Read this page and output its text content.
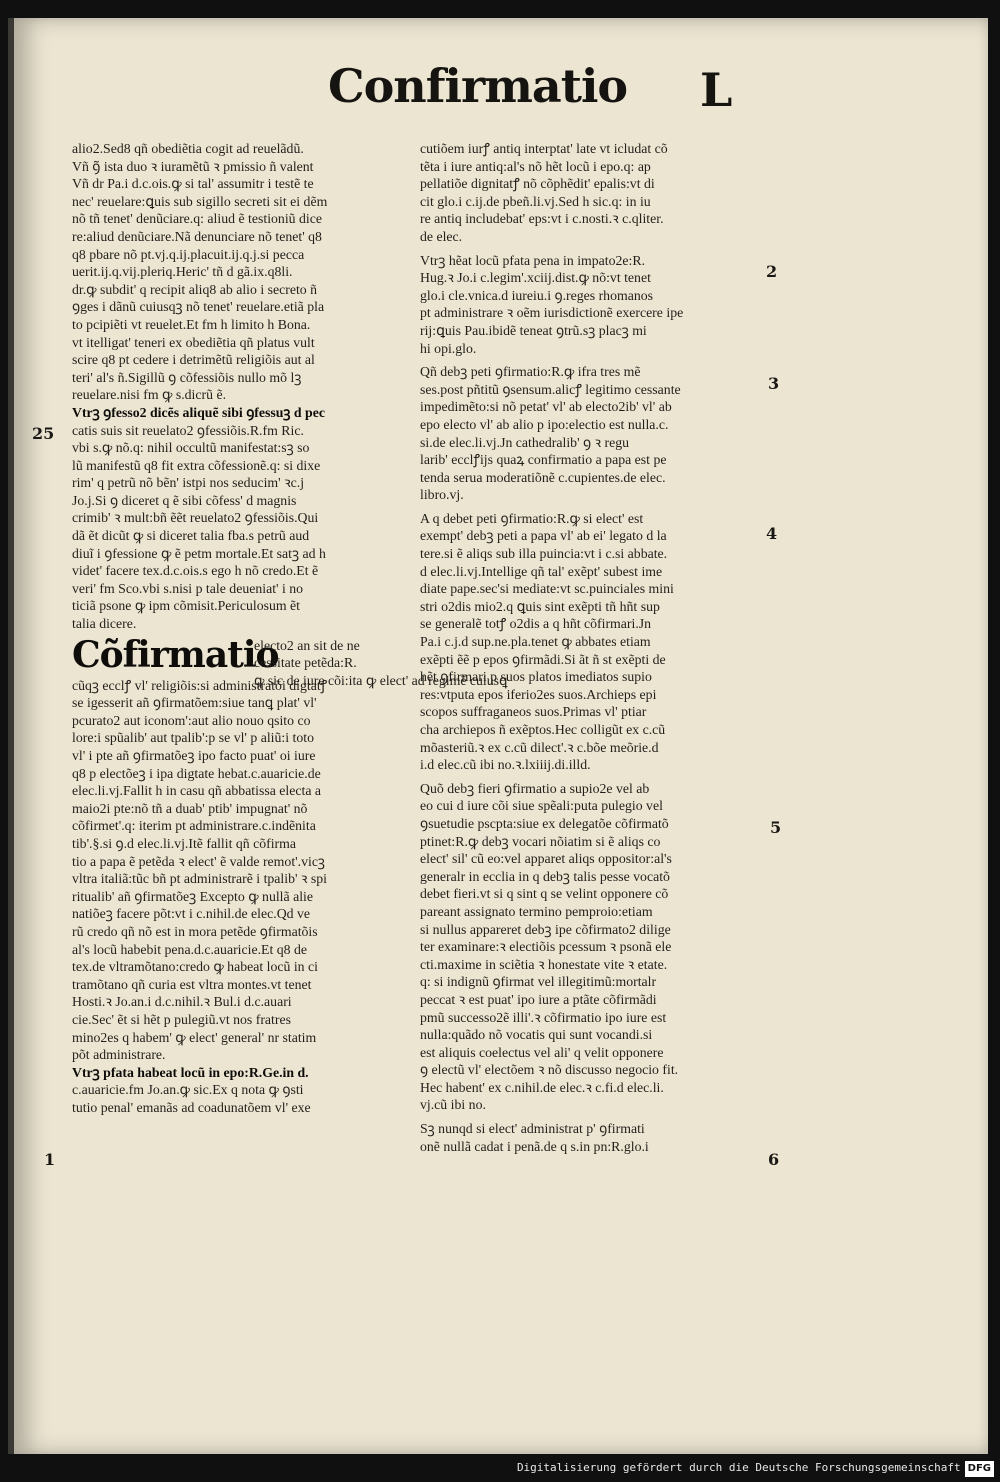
Confirmatio L

alio2.Sed8 qñ obediẽtia cogit ad reuelãdũ.

Vñ ꝯ̃ ista duo ꝛ iuramẽtũ ꝛ pmissio ñ valent

Vñ dr Pa.i d.c.ois.ꝙ si tal' assumitr i testẽ te

nec' reuelare:ꝗuis sub sigillo secreti sit ei dẽm

nõ tñ tenet' denũciare.q: aliud ẽ testioniũ dice

re:aliud denũciare.Nã denunciare nõ tenet' q8

q8 pbare nõ pt.vj.q.ij.placuit.ij.q.j.si pecca

uerit.ij.q.vij.pleriq.Heric' tñ d gã.ix.q8li.

dr.ꝙ subdit' q recipit aliq8 ab alio i secreto ñ

ꝯges i dãnũ cuiusqꝫ nõ tenet' reuelare.etiã pla

to pcipiẽti vt reuelet.Et fm h limito h Bona.

vt itelligat' teneri ex obediẽtia qñ platus vult

scire q8 pt cedere i detrimẽtũ religiõis aut al

teri' al's ñ.Sigillũ ꝯ cõfessiõis nullo mõ lꝫ

reuelare.nisi fm ꝙ s.dicrũ ẽ.

Vtrꝫ ꝯfesso2 dicẽs aliquẽ sibi ꝯfessuꝫ d pec

catis suis sit reuelato2 ꝯfessiõis.R.fm Ric.

vbi s.ꝙ nõ.q: nihil occultũ manifestat:sꝫ so

lũ manifestũ q8 fit extra cõfessionẽ.q: si dixe

rim' q petrũ nõ bẽn' istpi nos seducim' ꝛc.j

Jo.j.Si ꝯ diceret q ẽ sibi cõfess' d magnis

crimib' ꝛ mult:bñ ẽẽt reuelato2 ꝯfessiõis.Qui

dã ẽt dicũt ꝙ si diceret talia fba.s petrũ aud

diuĩ i ꝯfessione ꝙ ẽ petm mortale.Et satꝫ ad h

videt' facere tex.d.c.ois.s ego h nõ credo.Et ẽ

veri' fm Sco.vbi s.nisi p tale deueniat' i no

ticiã psone ꝙ ipm cõmisit.Periculosum ẽt

talia dicere.

Cõfirmatio

electo2 an sit de ne

cessitate petẽda:R.

ꝙ sic de iure cõi:ita ꝙ elect' ad regimẽ cuiusꝗ

cũqꝫ ecclꝭ vl' religiõis:si administratõi digtatꝭ

se igesserit añ ꝯfirmatõem:siue tanꝗ plat' vl'

pcurato2 aut iconom':aut alio nouo qsito co

lore:i spũalib' aut tpalib':p se vl' p aliũ:i toto

vl' i pte añ ꝯfirmatõeꝫ ipo facto puat' oi iure

q8 p electõeꝫ i ipa digtate hebat.c.auaricie.de

elec.li.vj.Fallit h in casu qñ abbatissa electa a

maio2i pte:nõ tñ a duab' ptib' impugnat' nõ

cõfirmet'.q: iterim pt administrare.c.indẽnita

tib'.§.si ꝯ.d elec.li.vj.Itẽ fallit qñ cõfirma

tio a papa ẽ petẽda ꝛ elect' ẽ valde remot'.vicꝫ

vltra italiã:tũc bñ pt administrarẽ i tpalib' ꝛ spi

ritualib' añ ꝯfirmatõeꝫ Excepto ꝙ nullã alie

natiõeꝫ facere põt:vt i c.nihil.de elec.Qd ve

rũ credo qñ nõ est in mora petẽde ꝯfirmatõis

al's locũ habebit pena.d.c.auaricie.Et q8 de

tex.de vltramõtano:credo ꝙ habeat locũ in ci

tramõtano qñ curia est vltra montes.vt tenet

Hosti.ꝛ Jo.an.i d.c.nihil.ꝛ Bul.i d.c.auari

cie.Sec' ẽt si hẽt p pulegiũ.vt nos fratres

mino2es q habem' ꝙ elect' general' nr statim

põt administrare.

Vtrꝫ pfata habeat locũ in epo:R.Ge.in d.

c.auaricie.fm Jo.an.ꝙ sic.Ex q nota ꝙ ꝯsti

tutio penal' emanãs ad coadunatõem vl' exe

cutiõem iurꝭ antiq interptat' late vt icludat cõ

tẽta i iure antiq:al's nõ hẽt locũ i epo.q: ap

pellatiõe dignitatꝭ nõ cõphẽdit' epalis:vt di

cit glo.i c.ij.de pbeñ.li.vj.Sed h sic.q: in iu

re antiq includebat' eps:vt i c.nosti.ꝛ c.qliter.

de elec.

Vtrꝫ hẽat locũ pfata pena in impato2e:R.

Hug.ꝛ Jo.i c.legim'.xciij.dist.ꝙ nõ:vt tenet

glo.i cle.vnica.d iureiu.i ꝯ.reges rhomanos

pt administrare ꝛ oẽm iurisdictionẽ exercere ipe

rij:ꝗuis Pau.ibidẽ teneat ꝯtrũ.sꝫ placꝫ mi

hi opi.glo.

Qñ debꝫ peti ꝯfirmatio:R.ꝙ ifra tres mẽ

ses.post pñtitũ ꝯsensum.alicꝭ legitimo cessante

impedimẽto:si nõ petat' vl' ab electo2ib' vl' ab

epo electo vl' ab alio p ipo:electio est nulla.c.

si.de elec.li.vj.Jn cathedralib' ꝯ ꝛ regu

larib' ecclꝭijs quaꝝ confirmatio a papa est pe

tenda serua moderatiõnẽ c.cupientes.de elec.

libro.vj.

A q debet peti ꝯfirmatio:R.ꝙ si elect' est

exempt' debꝫ peti a papa vl' ab ei' legato d la

tere.si ẽ aliqs sub illa puincia:vt i c.si abbate.

d elec.li.vj.Intellige qñ tal' exẽpt' subest ime

diate pape.sec'si mediate:vt sc.puinciales mini

stri o2dis mio2.q ꝗuis sint exẽpti tñ hñt sup

se generalẽ totꝭ o2dis a q hñt cõfirmari.Jn

Pa.i c.j.d sup.ne.pla.tenet ꝙ abbates etiam

exẽpti ẽẽ p epos ꝯfirmãdi.Si ãt ñ st exẽpti de

hẽt ꝯfirmari p suos platos imediatos supio

res:vtputa epos iferio2es suos.Archieps epi

scopos suffraganeos suos.Primas vl' ptiar

cha archiepos ñ exẽptos.Hec colligũt ex c.cũ

mõasteriũ.ꝛ ex c.cũ dilect'.ꝛ c.bõe meõrie.d

i.d elec.cũ ibi no.ꝛ.lxiiij.di.illd.

Quõ debꝫ fieri ꝯfirmatio a supio2e vel ab

eo cui d iure cõi siue spẽali:puta pulegio vel

ꝯsuetudie pscpta:siue ex delegatõe cõfirmatõ

ptinet:R.ꝙ debꝫ vocari nõiatim si ẽ aliqs co

elect' sil' cũ eo:vel apparet aliqs oppositor:al's

generalr in ecclia in q debꝫ talis pesse vocatõ

debet fieri.vt si q sint q se velint opponere cõ

pareant assignato termino pemproio:etiam

si nullus appareret debꝫ ipe cõfirmato2 dilige

ter examinare:ꝛ electiõis pcessum ꝛ psonã ele

cti.maxime in sciẽtia ꝛ honestate vite ꝛ etate.

q: si indignũ ꝯfirmat vel illegitimũ:mortalr

peccat ꝛ est puat' ipo iure a ptãte cõfirmãdi

pmũ successo2ẽ illi'.ꝛ cõfirmatio ipo iure est

nulla:quãdo nõ vocatis qui sunt vocandi.si

est aliquis coelectus vel ali' q velit opponere

ꝯ electũ vl' electõem ꝛ nõ discusso negocio fit.

Hec habent' ex c.nihil.de elec.ꝛ c.fi.d elec.li.

vj.cũ ibi no.

Sꝫ nunqd si elect' administrat p' ꝯfirmati

onẽ nullã cadat i penã.de q s.in pn:R.glo.i

25
1
2
3
4
5
6
Digitalisierung gefördert durch die Deutsche Forschungsgemeinschaft DFG
